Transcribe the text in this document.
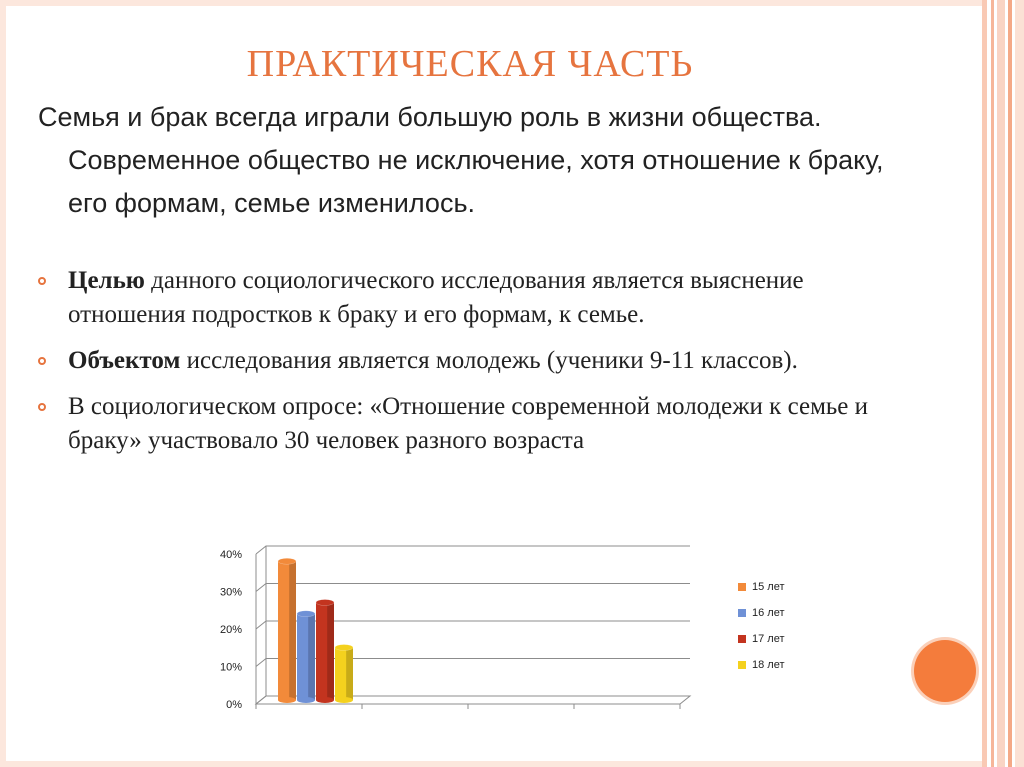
ПРАКТИЧЕСКАЯ ЧАСТЬ
Семья и брак всегда играли большую роль в жизни общества. Современное общество не исключение, хотя отношение к браку, его формам, семье изменилось.
Целью данного социологического исследования является выяснение отношения подростков к браку и его формам, к семье.
Объектом исследования является молодежь (ученики 9-11 классов).
В социологическом опросе: «Отношение современной молодежи к семье и браку» участвовало 30 человек разного возраста
0%
10%
20%
30%
40%
15 лет
16 лет
17 лет
18 лет
